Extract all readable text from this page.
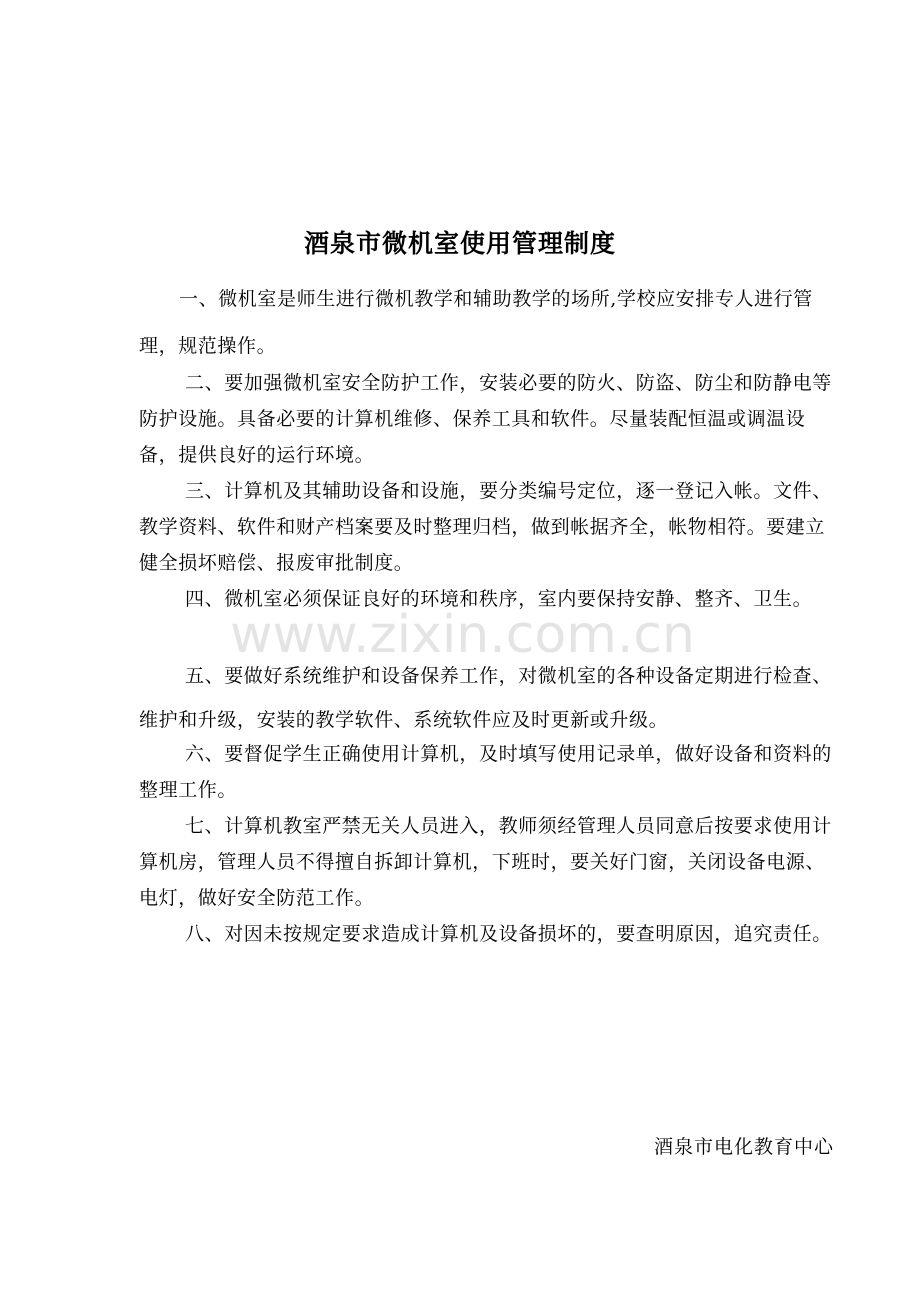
酒泉市微机室使用管理制度
一、微机室是师生进行微机教学和辅助教学的场所,学校应安排专人进行管理，规范操作。
二、要加强微机室安全防护工作，安装必要的防火、防盗、防尘和防静电等防护设施。具备必要的计算机维修、保养工具和软件。尽量装配恒温或调温设备，提供良好的运行环境。
三、计算机及其辅助设备和设施，要分类编号定位，逐一登记入帐。文件、教学资料、软件和财产档案要及时整理归档，做到帐据齐全，帐物相符。要建立健全损坏赔偿、报废审批制度。
四、微机室必须保证良好的环境和秩序，室内要保持安静、整齐、卫生。
五、要做好系统维护和设备保养工作，对微机室的各种设备定期进行检查、维护和升级，安装的教学软件、系统软件应及时更新或升级。
六、要督促学生正确使用计算机，及时填写使用记录单，做好设备和资料的整理工作。
七、计算机教室严禁无关人员进入，教师须经管理人员同意后按要求使用计算机房，管理人员不得擅自拆卸计算机，下班时，要关好门窗，关闭设备电源、电灯，做好安全防范工作。
八、对因未按规定要求造成计算机及设备损坏的，要查明原因，追究责任。
www.zixin.com.cn
酒泉市电化教育中心
